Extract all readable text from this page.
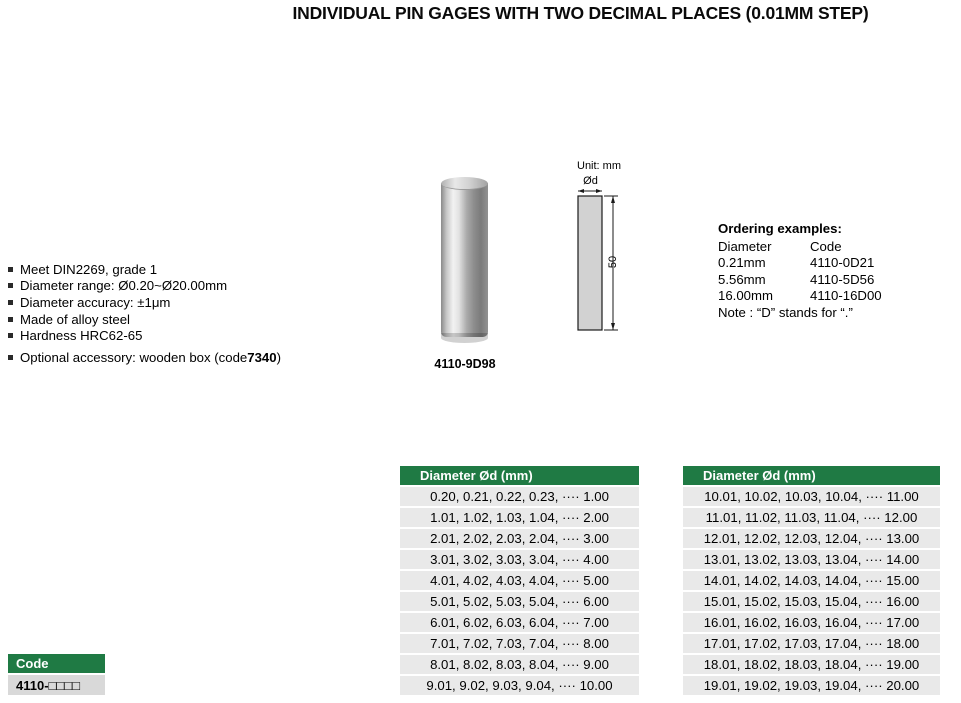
INDIVIDUAL PIN GAGES WITH TWO DECIMAL PLACES (0.01MM STEP)
Meet DIN2269, grade 1
Diameter range: Ø0.20~Ø20.00mm
Diameter accuracy: ±1μm
Made of alloy steel
Hardness HRC62-65
Optional accessory: wooden box (code 7340 )	4110-9D98
Unit: mm
Ød
50
Ordering examples:
Diameter	Code
0.21mm	4110-0D21
5.56mm	4110-5D56
16.00mm	4110-16D00
Note : “D” stands for “.”
Diameter Ød (mm)
0.20, 0.21, 0.22, 0.23, ···· 1.00
1.01, 1.02, 1.03, 1.04, ···· 2.00
2.01, 2.02, 2.03, 2.04, ···· 3.00
3.01, 3.02, 3.03, 3.04, ···· 4.00
4.01, 4.02, 4.03, 4.04, ···· 5.00
5.01, 5.02, 5.03, 5.04, ···· 6.00
6.01, 6.02, 6.03, 6.04, ···· 7.00
7.01, 7.02, 7.03, 7.04, ···· 8.00
8.01, 8.02, 8.03, 8.04, ···· 9.00
9.01, 9.02, 9.03, 9.04, ···· 10.00
Diameter Ød (mm)
10.01, 10.02, 10.03, 10.04, ···· 11.00
11.01, 11.02, 11.03, 11.04, ···· 12.00
12.01, 12.02, 12.03, 12.04, ···· 13.00
13.01, 13.02, 13.03, 13.04, ···· 14.00
14.01, 14.02, 14.03, 14.04, ···· 15.00
15.01, 15.02, 15.03, 15.04, ···· 16.00
16.01, 16.02, 16.03, 16.04, ···· 17.00
17.01, 17.02, 17.03, 17.04, ···· 18.00
18.01, 18.02, 18.03, 18.04, ···· 19.00
19.01, 19.02, 19.03, 19.04, ···· 20.00
Code
4110-□□□□
